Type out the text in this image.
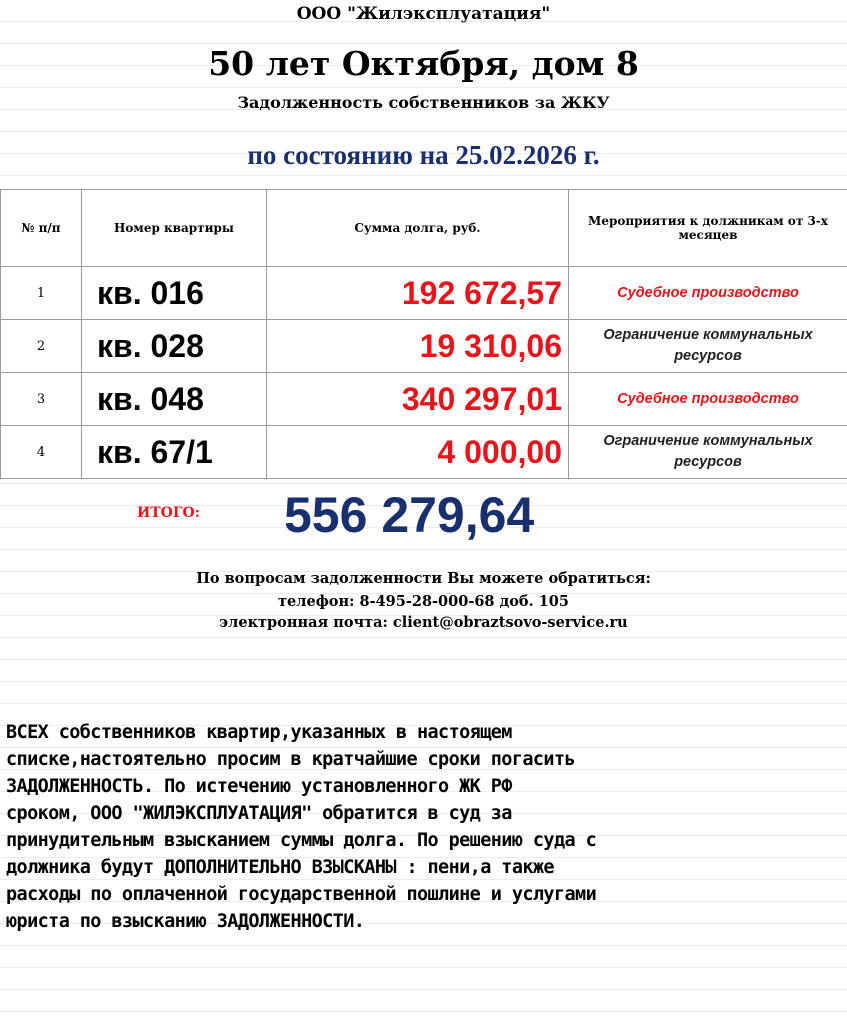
ООО "Жилэксплуатация"
50 лет Октября, дом 8
Задолженность собственников за ЖКУ
по состоянию на 25.02.2026 г.
№ п/п	Номер квартиры	Сумма долга, руб.	Мероприятия к должникам от 3-х месяцев
1	кв. 016	192 672,57	Судебное производство
2	кв. 028	19 310,06	Ограничение коммунальных ресурсов
3	кв. 048	340 297,01	Судебное производство
4	кв. 67/1	4 000,00	Ограничение коммунальных ресурсов
ИТОГО: 556 279,64
По вопросам задолженности Вы можете обратиться:
телефон: 8-495-28-000-68 доб. 105
электронная почта: client@obraztsovo-service.ru
ВСЕХ собственников квартир,указанных в настоящем
списке,настоятельно просим в кратчайшие сроки погасить
ЗАДОЛЖЕННОСТЬ. По истечению установленного ЖК РФ
сроком, ООО "ЖИЛЭКСПЛУАТАЦИЯ" обратится в суд за
принудительным взысканием суммы долга. По решению суда с
должника будут ДОПОЛНИТЕЛЬНО ВЗЫСКАНЫ : пени,а также
расходы по оплаченной государственной пошлине и услугами
юриста по взысканию ЗАДОЛЖЕННОСТИ.
